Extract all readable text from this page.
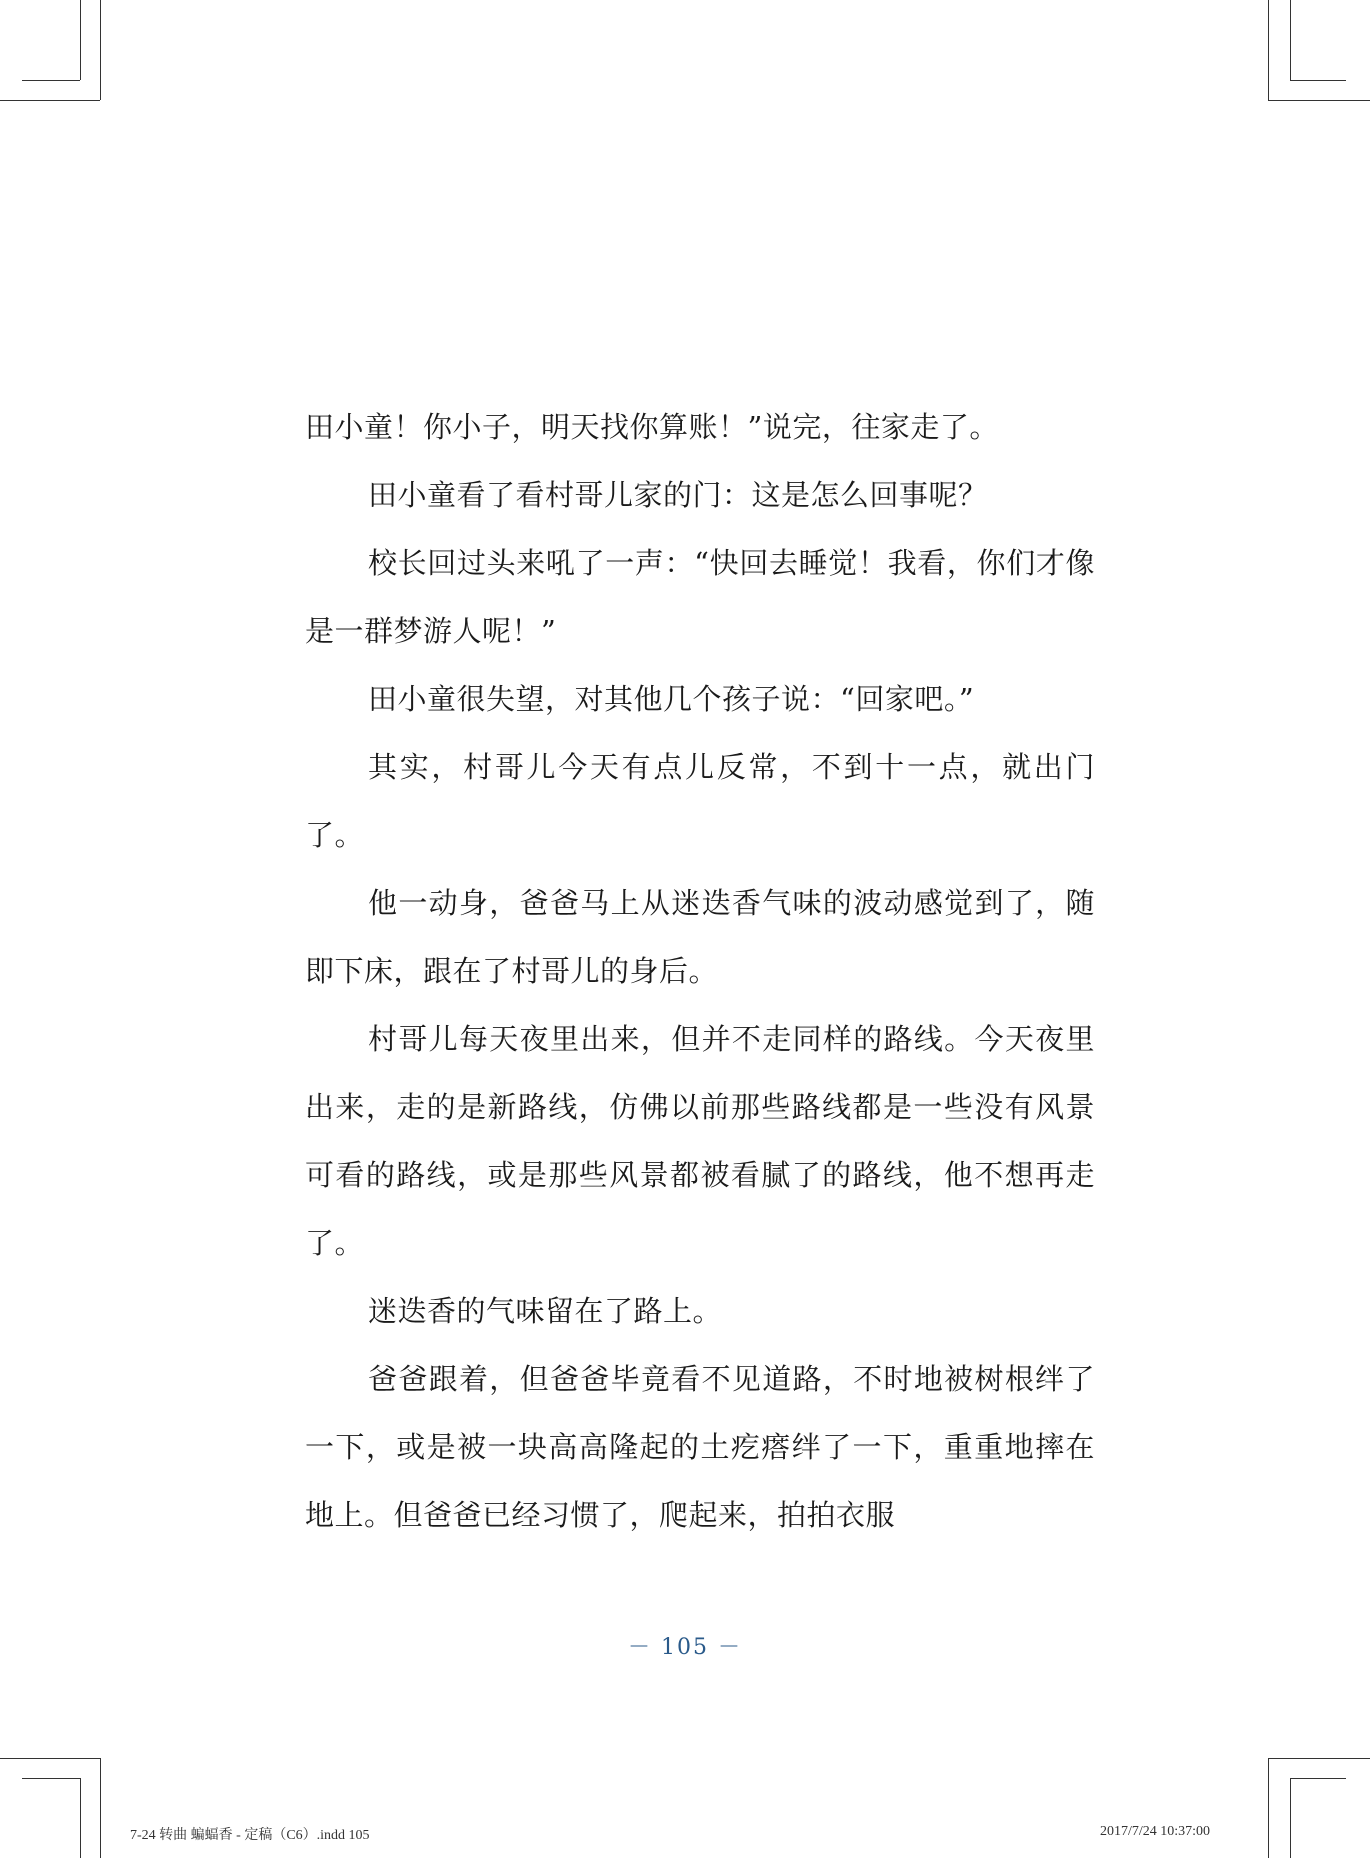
田小童！你小子，明天找你算账！”说完，往家走了。

田小童看了看村哥儿家的门：这是怎么回事呢？

校长回过头来吼了一声：“快回去睡觉！我看，你们才像是一群梦游人呢！”

田小童很失望，对其他几个孩子说：“回家吧。”

其实，村哥儿今天有点儿反常，不到十一点，就出门了。

他一动身，爸爸马上从迷迭香气味的波动感觉到了，随即下床，跟在了村哥儿的身后。

村哥儿每天夜里出来，但并不走同样的路线。今天夜里出来，走的是新路线，仿佛以前那些路线都是一些没有风景可看的路线，或是那些风景都被看腻了的路线，他不想再走了。

迷迭香的气味留在了路上。

爸爸跟着，但爸爸毕竟看不见道路，不时地被树根绊了一下，或是被一块高高隆起的土疙瘩绊了一下，重重地摔在地上。但爸爸已经习惯了，爬起来，拍拍衣服

－ 105 －
7-24 转曲 蝙蝠香 - 定稿（C6）.indd 105	2017/7/24 10:37:00
